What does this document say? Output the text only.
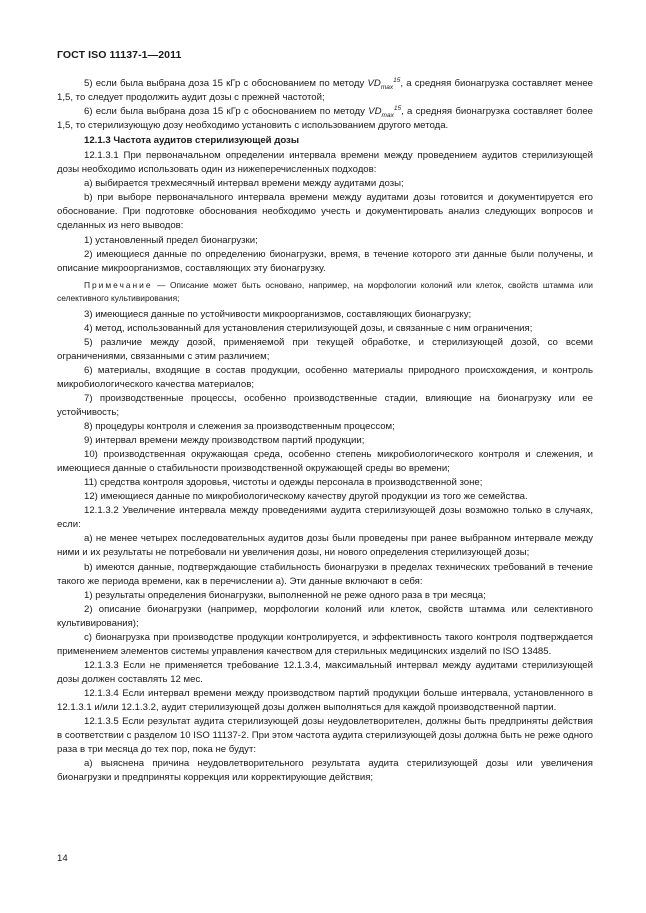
ГОСТ ISO 11137-1—2011

5) если была выбрана доза 15 кГр с обоснованием по методу $VD_{max}^{15}$, а средняя бионагрузка составляет менее 1,5, то следует продолжить аудит дозы с прежней частотой;

6) если была выбрана доза 15 кГр с обоснованием по методу $VD_{max}^{15}$, а средняя бионагрузка составляет более 1,5, то стерилизующую дозу необходимо установить с использованием другого метода.

12.1.3 Частота аудитов стерилизующей дозы

12.1.3.1 При первоначальном определении интервала времени между проведением аудитов стерилизующей дозы необходимо использовать один из нижеперечисленных подходов:

a) выбирается трехмесячный интервал времени между аудитами дозы;

b) при выборе первоначального интервала времени между аудитами дозы готовится и документируется его обоснование. При подготовке обоснования необходимо учесть и документировать анализ следующих вопросов и сделанных из него выводов:

1) установленный предел бионагрузки;

2) имеющиеся данные по определению бионагрузки, время, в течение которого эти данные были получены, и описание микроорганизмов, составляющих эту бионагрузку.

Примечание — Описание может быть основано, например, на морфологии колоний или клеток, свойств штамма или селективного культивирования;

3) имеющиеся данные по устойчивости микроорганизмов, составляющих бионагрузку;

4) метод, использованный для установления стерилизующей дозы, и связанные с ним ограничения;

5) различие между дозой, применяемой при текущей обработке, и стерилизующей дозой, со всеми ограничениями, связанными с этим различием;

6) материалы, входящие в состав продукции, особенно материалы природного происхождения, и контроль микробиологического качества материалов;

7) производственные процессы, особенно производственные стадии, влияющие на бионагрузку или ее устойчивость;

8) процедуры контроля и слежения за производственным процессом;

9) интервал времени между производством партий продукции;

10) производственная окружающая среда, особенно степень микробиологического контроля и слежения, и имеющиеся данные о стабильности производственной окружающей среды во времени;

11) средства контроля здоровья, чистоты и одежды персонала в производственной зоне;

12) имеющиеся данные по микробиологическому качеству другой продукции из того же семейства.

12.1.3.2 Увеличение интервала между проведениями аудита стерилизующей дозы возможно только в случаях, если:

a) не менее четырех последовательных аудитов дозы были проведены при ранее выбранном интервале между ними и их результаты не потребовали ни увеличения дозы, ни нового определения стерилизующей дозы;

b) имеются данные, подтверждающие стабильность бионагрузки в пределах технических требований в течение такого же периода времени, как в перечислении a). Эти данные включают в себя:

1) результаты определения бионагрузки, выполненной не реже одного раза в три месяца;

2) описание бионагрузки (например, морфологии колоний или клеток, свойств штамма или селективного культивирования);

c) бионагрузка при производстве продукции контролируется, и эффективность такого контроля подтверждается применением элементов системы управления качеством для стерильных медицинских изделий по ISO 13485.

12.1.3.3 Если не применяется требование 12.1.3.4, максимальный интервал между аудитами стерилизующей дозы должен составлять 12 мес.

12.1.3.4 Если интервал времени между производством партий продукции больше интервала, установленного в 12.1.3.1 и/или 12.1.3.2, аудит стерилизующей дозы должен выполняться для каждой производственной партии.

12.1.3.5 Если результат аудита стерилизующей дозы неудовлетворителен, должны быть предприняты действия в соответствии с разделом 10 ISO 11137-2. При этом частота аудита стерилизующей дозы должна быть не реже одного раза в три месяца до тех пор, пока не будут:

a) выяснена причина неудовлетворительного результата аудита стерилизующей дозы или увеличения бионагрузки и предприняты коррекция или корректирующие действия;

14
